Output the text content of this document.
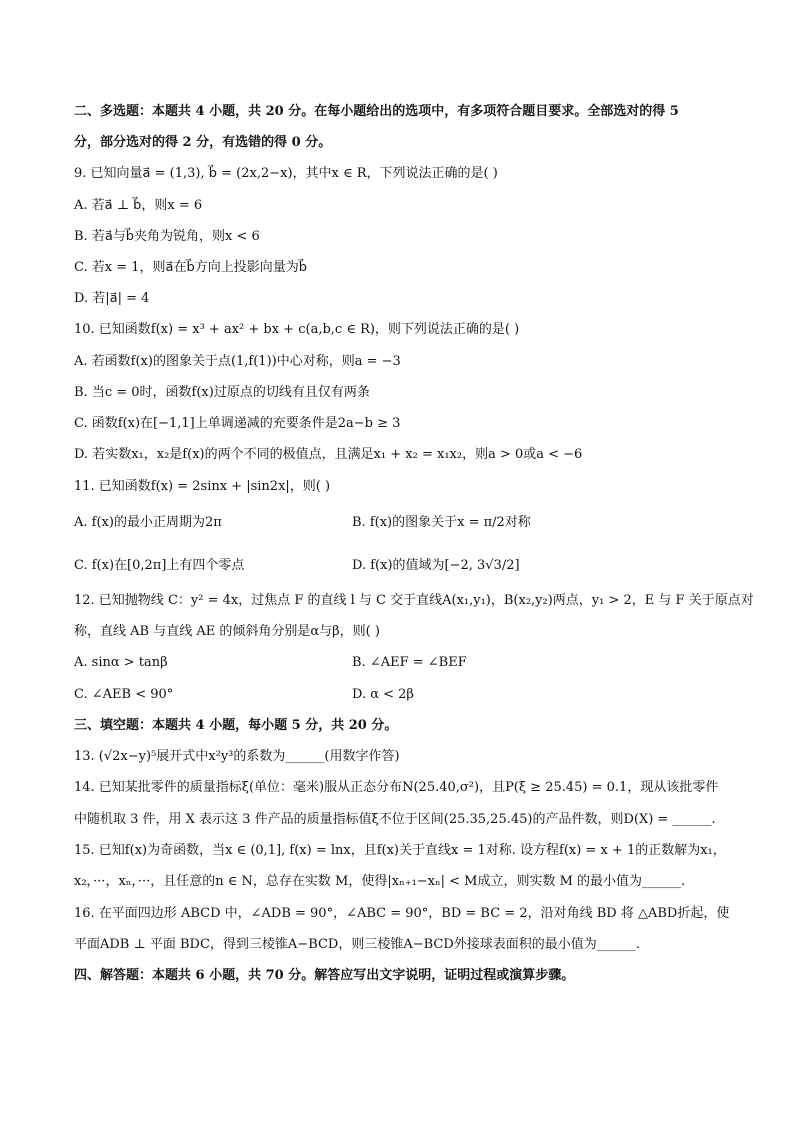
二、多选题：本题共 4 小题，共 20 分。在每小题给出的选项中，有多项符合题目要求。全部选对的得 5
分，部分选对的得 2 分，有选错的得 0 分。
9. 已知向量a⃗ = (1,3), b⃗ = (2x,2−x)，其中x ∈ R，下列说法正确的是( )
A. 若a⃗ ⊥ b⃗，则x = 6
B. 若a⃗与b⃗夹角为锐角，则x < 6
C. 若x = 1，则a⃗在b⃗方向上投影向量为b⃗
D. 若|a⃗| = 4
10. 已知函数f(x) = x³ + ax² + bx + c(a,b,c ∈ R)，则下列说法正确的是( )
A. 若函数f(x)的图象关于点(1,f(1))中心对称，则a = −3
B. 当c = 0时，函数f(x)过原点的切线有且仅有两条
C. 函数f(x)在[−1,1]上单调递减的充要条件是2a−b ≥ 3
D. 若实数x₁，x₂是f(x)的两个不同的极值点，且满足x₁ + x₂ = x₁x₂，则a > 0或a < −6
11. 已知函数f(x) = 2sinx + |sin2x|，则( )
A. f(x)的最小正周期为2π	B. f(x)的图象关于x = π/2对称
C. f(x)在[0,2π]上有四个零点	D. f(x)的值域为[−2, 3√3/2]
12. 已知抛物线 C：y² = 4x，过焦点 F 的直线 l 与 C 交于直线A(x₁,y₁)，B(x₂,y₂)两点，y₁ > 2，E 与 F 关于原点对
称，直线 AB 与直线 AE 的倾斜角分别是α与β，则( )
A. sinα > tanβ	B. ∠AEF = ∠BEF
C. ∠AEB < 90°	D. α < 2β
三、填空题：本题共 4 小题，每小题 5 分，共 20 分。
13. (√2x−y)⁵展开式中x²y³的系数为______(用数字作答)
14. 已知某批零件的质量指标ξ(单位：毫米)服从正态分布N(25.40,σ²)，且P(ξ ≥ 25.45) = 0.1，现从该批零件
中随机取 3 件，用 X 表示这 3 件产品的质量指标值ξ不位于区间(25.35,25.45)的产品件数，则D(X) = ______.
15. 已知f(x)为奇函数，当x ∈ (0,1], f(x) = lnx，且f(x)关于直线x = 1对称. 设方程f(x) = x + 1的正数解为x₁，
x₂，···，xₙ，···，且任意的n ∈ N，总存在实数 M，使得|xₙ₊₁−xₙ| < M成立，则实数 M 的最小值为______.
16. 在平面四边形 ABCD 中，∠ADB = 90°，∠ABC = 90°，BD = BC = 2，沿对角线 BD 将 △ABD折起，使
平面ADB ⊥ 平面 BDC，得到三棱锥A−BCD，则三棱锥A−BCD外接球表面积的最小值为______.
四、解答题：本题共 6 小题，共 70 分。解答应写出文字说明，证明过程或演算步骤。
